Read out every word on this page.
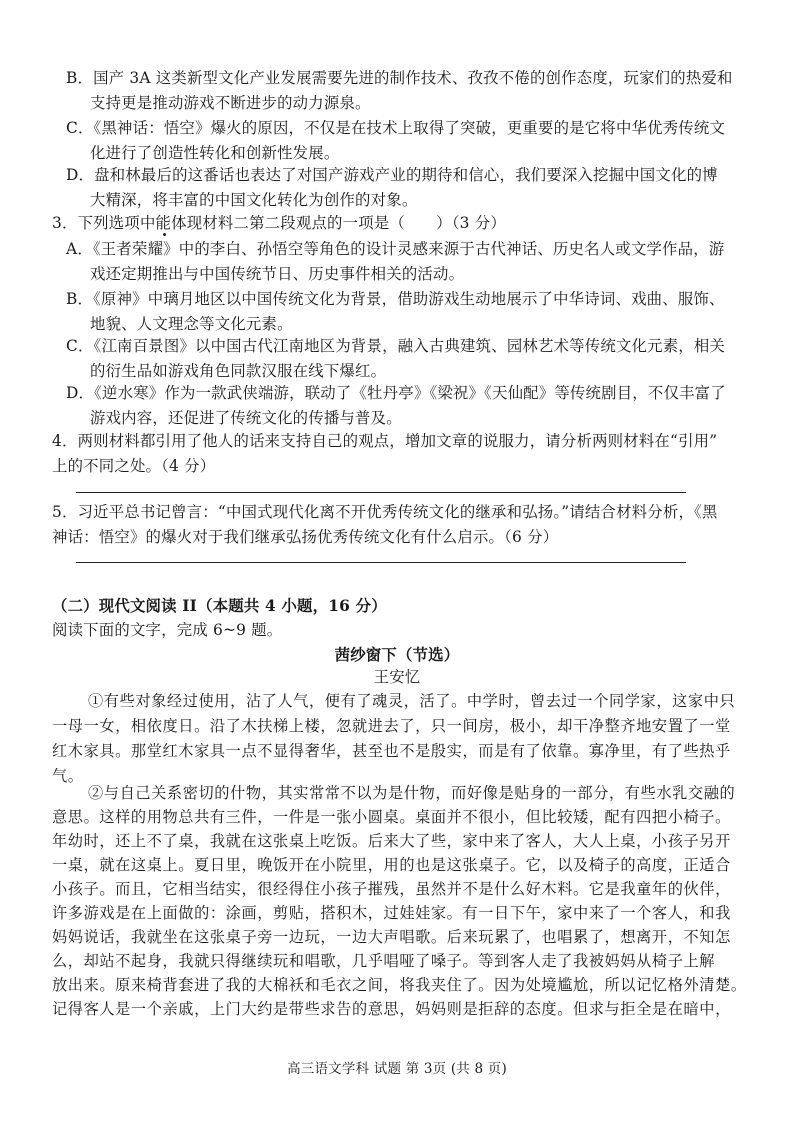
B．国产 3A 这类新型文化产业发展需要先进的制作技术、孜孜不倦的创作态度，玩家们的热爱和
支持更是推动游戏不断进步的动力源泉。
C．《黑神话：悟空》爆火的原因，不仅是在技术上取得了突破，更重要的是它将中华优秀传统文
化进行了创造性转化和创新性发展。
D．盘和林最后的这番话也表达了对国产游戏产业的期待和信心，我们要深入挖掘中国文化的博
大精深，将丰富的中国文化转化为创作的对象。
3．下列选项中能体现材料二第二段观点的一项是（　　）（3 分）
A．《王者荣耀》中的李白、孙悟空等角色的设计灵感来源于古代神话、历史名人或文学作品，游
戏还定期推出与中国传统节日、历史事件相关的活动。
B．《原神》中璃月地区以中国传统文化为背景，借助游戏生动地展示了中华诗词、戏曲、服饰、
地貌、人文理念等文化元素。
C．《江南百景图》以中国古代江南地区为背景，融入古典建筑、园林艺术等传统文化元素，相关
的衍生品如游戏角色同款汉服在线下爆红。
D．《逆水寒》作为一款武侠端游，联动了《牡丹亭》《梁祝》《天仙配》等传统剧目，不仅丰富了
游戏内容，还促进了传统文化的传播与普及。
4．两则材料都引用了他人的话来支持自己的观点，增加文章的说服力，请分析两则材料在“引用”
上的不同之处。（4 分）
5．习近平总书记曾言：“中国式现代化离不开优秀传统文化的继承和弘扬。”请结合材料分析，《黑
神话：悟空》的爆火对于我们继承弘扬优秀传统文化有什么启示。（6 分）
（二）现代文阅读 II（本题共 4 小题，16 分）
阅读下面的文字，完成 6~9 题。
茜纱窗下（节选）
王安忆
①有些对象经过使用，沾了人气，便有了魂灵，活了。中学时，曾去过一个同学家，这家中只
一母一女，相依度日。沿了木扶梯上楼，忽就进去了，只一间房，极小，却干净整齐地安置了一堂
红木家具。那堂红木家具一点不显得奢华，甚至也不是殷实，而是有了依靠。寡净里，有了些热乎
气。
②与自己关系密切的什物，其实常常不以为是什物，而好像是贴身的一部分，有些水乳交融的
意思。这样的用物总共有三件，一件是一张小圆桌。桌面并不很小，但比较矮，配有四把小椅子。
年幼时，还上不了桌，我就在这张桌上吃饭。后来大了些，家中来了客人，大人上桌，小孩子另开
一桌，就在这桌上。夏日里，晚饭开在小院里，用的也是这张桌子。它，以及椅子的高度，正适合
小孩子。而且，它相当结实，很经得住小孩子摧残，虽然并不是什么好木料。它是我童年的伙伴，
许多游戏是在上面做的：涂画，剪贴，搭积木，过娃娃家。有一日下午，家中来了一个客人，和我
妈妈说话，我就坐在这张桌子旁一边玩，一边大声唱歌。后来玩累了，也唱累了，想离开，不知怎
么，却站不起身，我就只得继续玩和唱歌，几乎唱哑了嗓子。等到客人走了我被妈妈从椅子上解
放出来。原来椅背套进了我的大棉袄和毛衣之间，将我夹住了。因为处境尴尬，所以记忆格外清楚。
记得客人是一个亲戚，上门大约是带些求告的意思，妈妈则是拒辞的态度。但求与拒全是在暗中，
高三语文学科 试题 第 3页 (共 8 页)
